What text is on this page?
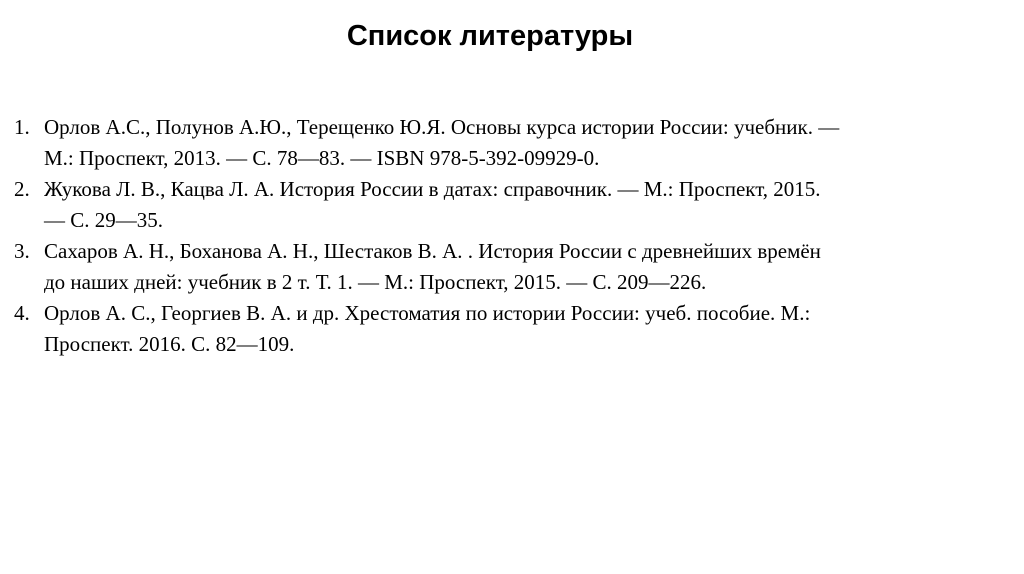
Список литературы
1. Орлов А.С., Полунов А.Ю., Терещенко Ю.Я. Основы курса истории России: учебник. —
М.: Проспект, 2013. — С. 78—83. — ISBN 978-5-392-09929-0.
2. Жукова Л. В., Кацва Л. А. История России в датах: справочник. — М.: Проспект, 2015.
— С. 29—35.
3. Сахаров А. Н., Боханова А. Н., Шестаков В. А. . История России с древнейших времён
до наших дней: учебник в 2 т. Т. 1. — М.: Проспект, 2015. — С. 209—226.
4. Орлов А. С., Георгиев В. А. и др. Хрестоматия по истории России: учеб. пособие. М.:
Проспект. 2016. С. 82—109.
